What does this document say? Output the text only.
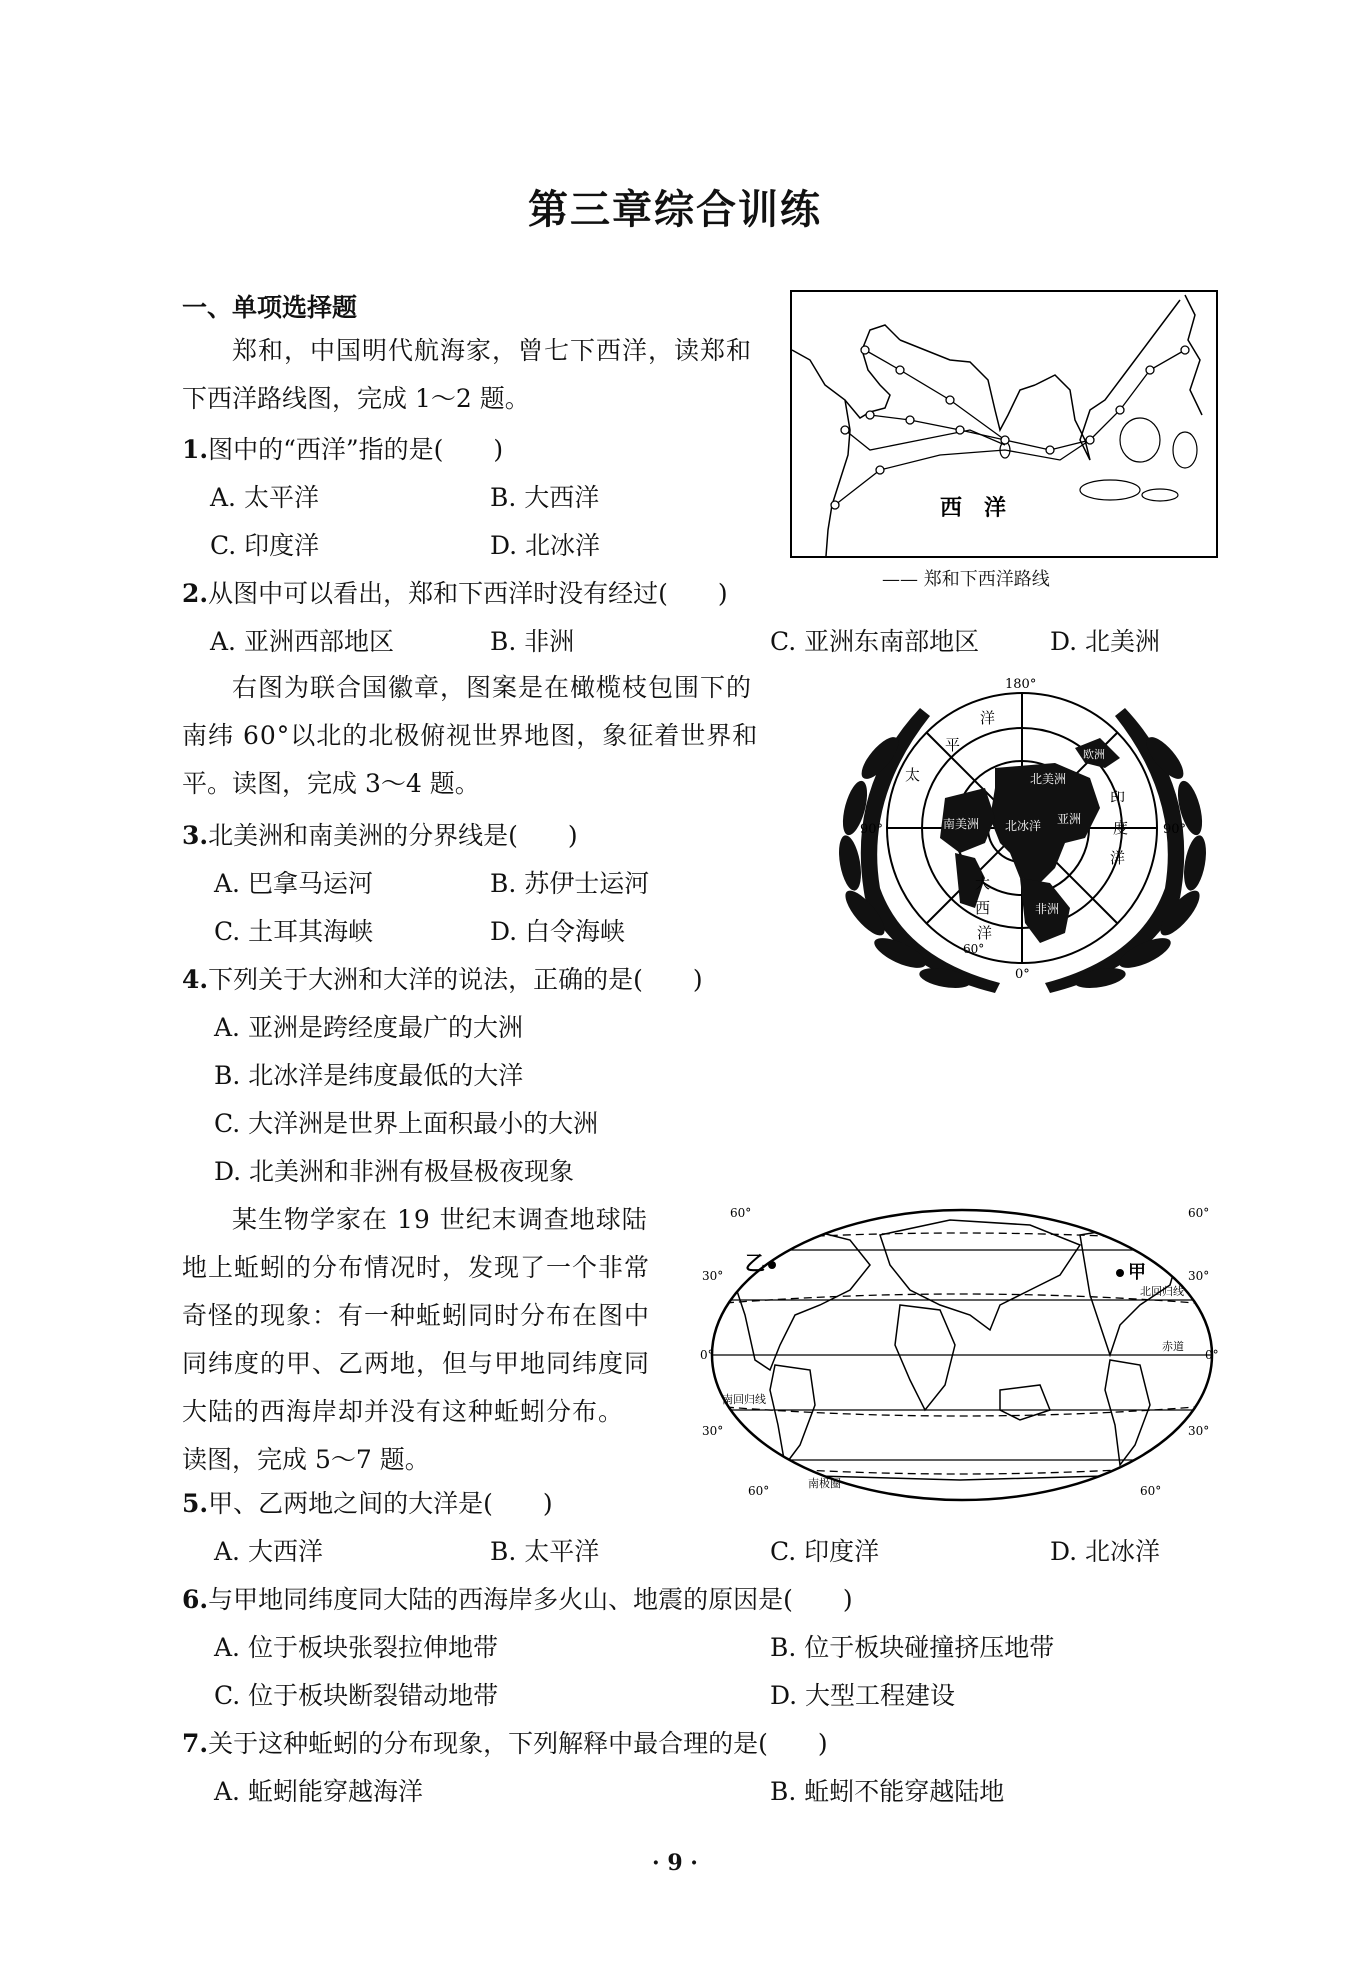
第三章综合训练
一、单项选择题
郑和，中国明代航海家，曾七下西洋，读郑和
下西洋路线图，完成 1～2 题。
西　洋
—— 郑和下西洋路线
1.图中的“西洋”指的是(　　)
A. 太平洋	B. 大西洋
C. 印度洋	D. 北冰洋
2.从图中可以看出，郑和下西洋时没有经过(　　)
A. 亚洲西部地区	B. 非洲	C. 亚洲东南部地区	D. 北美洲
右图为联合国徽章，图案是在橄榄枝包围下的
南纬 60°以北的北极俯视世界地图，象征着世界和
平。读图，完成 3～4 题。
180°
90°	90°
0°
60°
平
洋
太
印
度
洋
大
西
洋
北冰洋
北美洲
南美洲	亚洲
非洲
欧洲
3.北美洲和南美洲的分界线是(　　)
A. 巴拿马运河	B. 苏伊士运河
C. 土耳其海峡	D. 白令海峡
4.下列关于大洲和大洋的说法，正确的是(　　)
A. 亚洲是跨经度最广的大洲
B. 北冰洋是纬度最低的大洋
C. 大洋洲是世界上面积最小的大洲
D. 北美洲和非洲有极昼极夜现象
某生物学家在 19 世纪末调查地球陆
地上蚯蚓的分布情况时，发现了一个非常
奇怪的现象：有一种蚯蚓同时分布在图中
同纬度的甲、乙两地，但与甲地同纬度同
大陆的西海岸却并没有这种蚯蚓分布。
读图，完成 5～7 题。
60°	60°
30°	30°
0°	0°
30°	30°
60°	60°
乙	甲
北回归线
赤道
南回归线
南极圈
5.甲、乙两地之间的大洋是(　　)
A. 大西洋	B. 太平洋	C. 印度洋	D. 北冰洋
6.与甲地同纬度同大陆的西海岸多火山、地震的原因是(　　)
A. 位于板块张裂拉伸地带	B. 位于板块碰撞挤压地带
C. 位于板块断裂错动地带	D. 大型工程建设
7.关于这种蚯蚓的分布现象，下列解释中最合理的是(　　)
A. 蚯蚓能穿越海洋	B. 蚯蚓不能穿越陆地
· 9 ·
